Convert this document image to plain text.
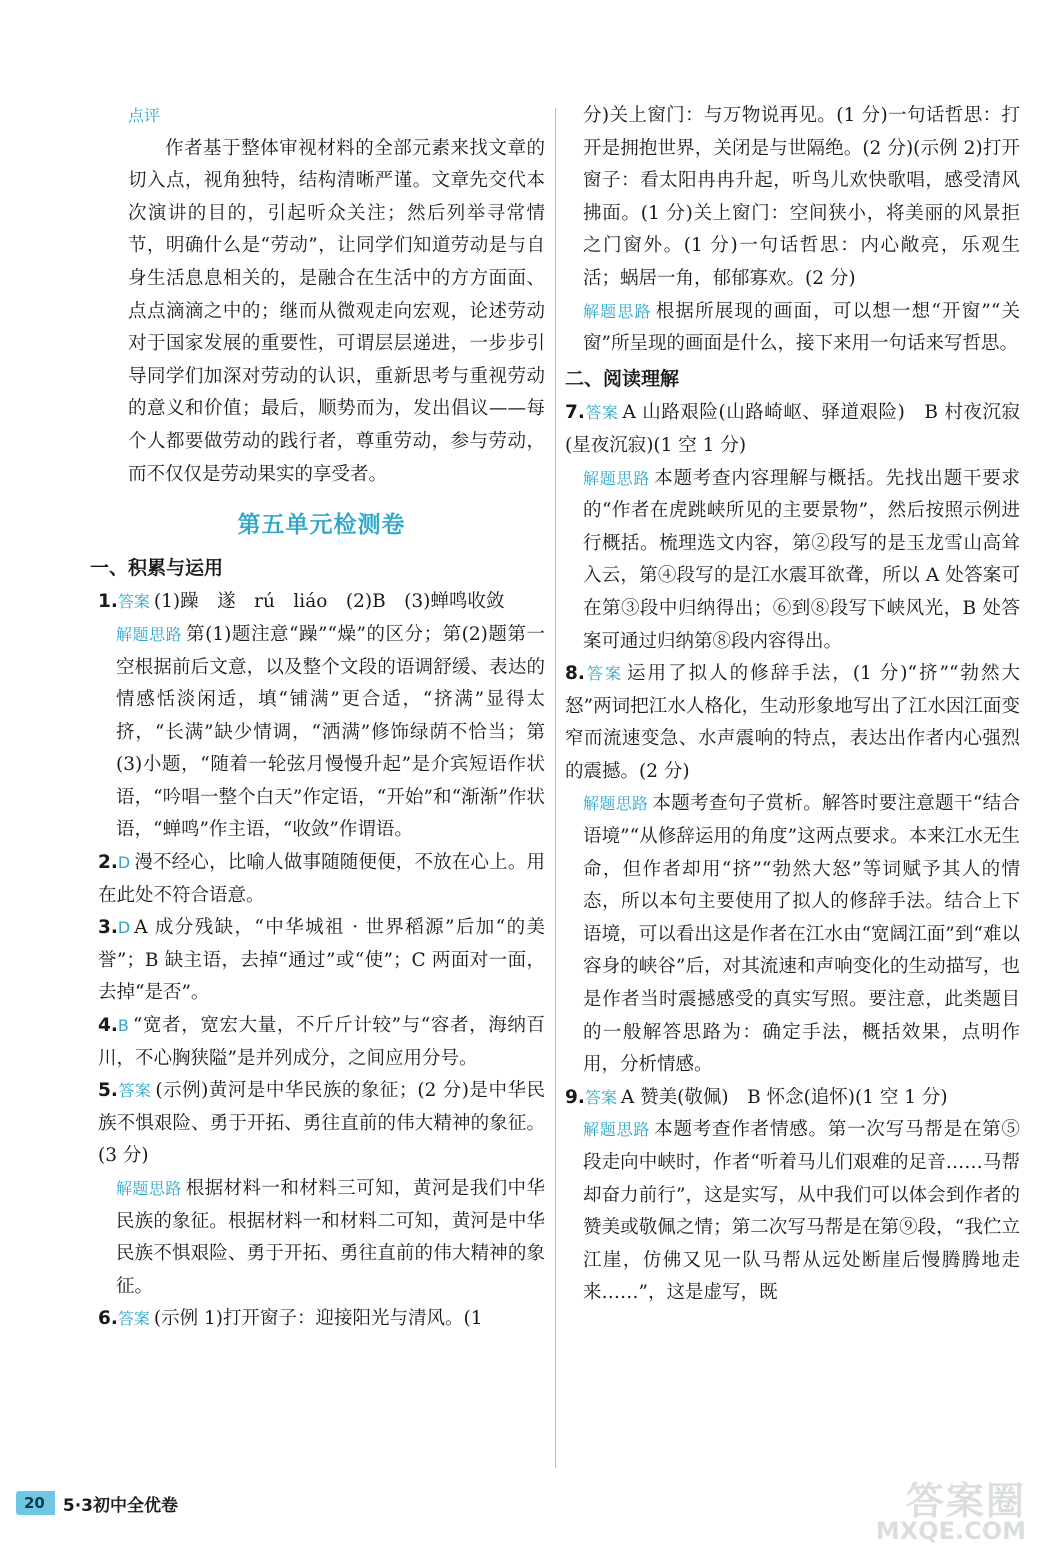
点评

作者基于整体审视材料的全部元素来找文章的切入点，视角独特，结构清晰严谨。文章先交代本次演讲的目的，引起听众关注；然后列举寻常情节，明确什么是“劳动”，让同学们知道劳动是与自身生活息息相关的，是融合在生活中的方方面面、点点滴滴之中的；继而从微观走向宏观，论述劳动对于国家发展的重要性，可谓层层递进，一步步引导同学们加深对劳动的认识，重新思考与重视劳动的意义和价值；最后，顺势而为，发出倡议——每个人都要做劳动的践行者，尊重劳动，参与劳动，而不仅仅是劳动果实的享受者。

第五单元检测卷
一、积累与运用

1.答案 (1)躁　遂　rú　liáo　(2)B　(3)蝉鸣收敛

解题思路 第(1)题注意“躁”“燥”的区分；第(2)题第一空根据前后文意，以及整个文段的语调舒缓、表达的情感恬淡闲适，填“铺满”更合适，“挤满”显得太挤，“长满”缺少情调，“洒满”修饰绿荫不恰当；第(3)小题，“随着一轮弦月慢慢升起”是介宾短语作状语，“吟唱一整个白天”作定语，“开始”和“渐渐”作状语，“蝉鸣”作主语，“收敛”作谓语。

2.D 漫不经心，比喻人做事随随便便，不放在心上。用在此处不符合语意。

3.D A 成分残缺，“中华城祖 · 世界稻源”后加“的美誉”；B 缺主语，去掉“通过”或“使”；C 两面对一面，去掉“是否”。

4.B “宽者，宽宏大量，不斤斤计较”与“容者，海纳百川，不心胸狭隘”是并列成分，之间应用分号。

5.答案 (示例)黄河是中华民族的象征；(2 分)是中华民族不惧艰险、勇于开拓、勇往直前的伟大精神的象征。(3 分)

解题思路 根据材料一和材料三可知，黄河是我们中华民族的象征。根据材料一和材料二可知，黄河是中华民族不惧艰险、勇于开拓、勇往直前的伟大精神的象征。

6.答案 (示例 1)打开窗子：迎接阳光与清风。(1

分)关上窗门：与万物说再见。(1 分)一句话哲思：打开是拥抱世界，关闭是与世隔绝。(2 分)(示例 2)打开窗子：看太阳冉冉升起，听鸟儿欢快歌唱，感受清风拂面。(1 分)关上窗门：空间狭小，将美丽的风景拒之门窗外。(1 分)一句话哲思：内心敞亮，乐观生活；蜗居一角，郁郁寡欢。(2 分)

解题思路 根据所展现的画面，可以想一想“开窗”“关窗”所呈现的画面是什么，接下来用一句话来写哲思。

二、阅读理解

7.答案 A 山路艰险(山路崎岖、驿道艰险)　B 村夜沉寂(星夜沉寂)(1 空 1 分)

解题思路 本题考查内容理解与概括。先找出题干要求的“作者在虎跳峡所见的主要景物”，然后按照示例进行概括。梳理选文内容，第②段写的是玉龙雪山高耸入云，第④段写的是江水震耳欲聋，所以 A 处答案可在第③段中归纳得出；⑥到⑧段写下峡风光，B 处答案可通过归纳第⑧段内容得出。

8.答案 运用了拟人的修辞手法，(1 分)“挤”“勃然大怒”两词把江水人格化，生动形象地写出了江水因江面变窄而流速变急、水声震响的特点，表达出作者内心强烈的震撼。(2 分)

解题思路 本题考查句子赏析。解答时要注意题干“结合语境”“从修辞运用的角度”这两点要求。本来江水无生命，但作者却用“挤”“勃然大怒”等词赋予其人的情态，所以本句主要使用了拟人的修辞手法。结合上下语境，可以看出这是作者在江水由“宽阔江面”到“难以容身的峡谷”后，对其流速和声响变化的生动描写，也是作者当时震撼感受的真实写照。要注意，此类题目的一般解答思路为：确定手法，概括效果，点明作用，分析情感。

9.答案 A 赞美(敬佩)　B 怀念(追怀)(1 空 1 分)

解题思路 本题考查作者情感。第一次写马帮是在第⑤段走向中峡时，作者“听着马儿们艰难的足音……马帮却奋力前行”，这是实写，从中我们可以体会到作者的赞美或敬佩之情；第二次写马帮是在第⑨段，“我伫立江崖，仿佛又见一队马帮从远处断崖后慢腾腾地走来……”，这是虚写，既

20	5·3初中全优卷	答案圈
MXQE.COM
